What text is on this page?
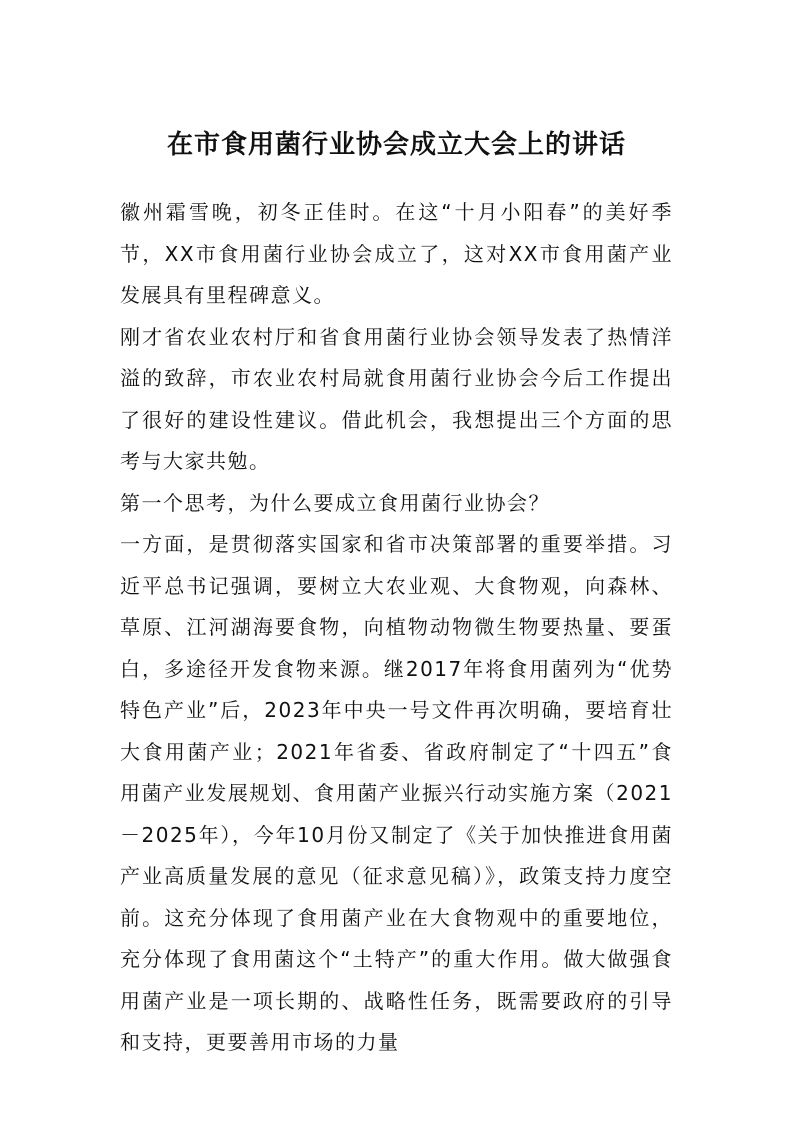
在市食用菌行业协会成立大会上的讲话

徽州霜雪晚，初冬正佳时。在这“十月小阳春”的美好季节，XX市食用菌行业协会成立了，这对XX市食用菌产业发展具有里程碑意义。

刚才省农业农村厅和省食用菌行业协会领导发表了热情洋溢的致辞，市农业农村局就食用菌行业协会今后工作提出了很好的建设性建议。借此机会，我想提出三个方面的思考与大家共勉。

第一个思考，为什么要成立食用菌行业协会？

一方面，是贯彻落实国家和省市决策部署的重要举措。习近平总书记强调，要树立大农业观、大食物观，向森林、草原、江河湖海要食物，向植物动物微生物要热量、要蛋白，多途径开发食物来源。继2017年将食用菌列为“优势特色产业”后，2023年中央一号文件再次明确，要培育壮大食用菌产业；2021年省委、省政府制定了“十四五”食用菌产业发展规划、食用菌产业振兴行动实施方案（2021－2025年），今年10月份又制定了《关于加快推进食用菌产业高质量发展的意见（征求意见稿）》，政策支持力度空前。这充分体现了食用菌产业在大食物观中的重要地位，充分体现了食用菌这个“土特产”的重大作用。做大做强食用菌产业是一项长期的、战略性任务，既需要政府的引导和支持，更要善用市场的力量
